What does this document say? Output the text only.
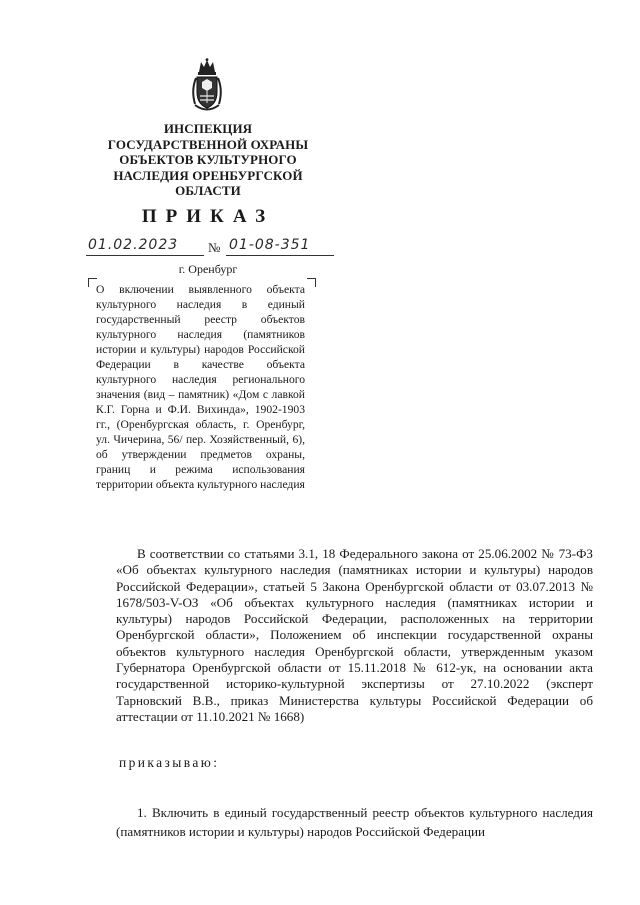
ИНСПЕКЦИЯ
ГОСУДАРСТВЕННОЙ ОХРАНЫ
ОБЪЕКТОВ КУЛЬТУРНОГО
НАСЛЕДИЯ ОРЕНБУРГСКОЙ
ОБЛАСТИ
ПРИКАЗ
01.02.2023 № 01-08-351
г. Оренбург
О включении выявленного объекта культурного наследия в единый государственный реестр объектов культурного наследия (памятников истории и культуры) народов Российской Федерации в качестве объекта культурного наследия регионального значения (вид – памятник) «Дом с лавкой К.Г. Горна и Ф.И. Вихинда», 1902-1903 гг., (Оренбургская область, г. Оренбург, ул. Чичерина, 56/ пер. Хозяйственный, 6), об утверждении предметов охраны, границ и режима использования территории объекта культурного наследия
В соответствии со статьями 3.1, 18 Федерального закона от 25.06.2002 № 73-ФЗ «Об объектах культурного наследия (памятниках истории и культуры) народов Российской Федерации», статьей 5 Закона Оренбургской области от 03.07.2013 № 1678/503-V-ОЗ «Об объектах культурного наследия (памятниках истории и культуры) народов Российской Федерации, расположенных на территории Оренбургской области», Положением об инспекции государственной охраны объектов культурного наследия Оренбургской области, утвержденным указом Губернатора Оренбургской области от 15.11.2018 № 612-ук, на основании акта государственной историко-культурной экспертизы от 27.10.2022 (эксперт Тарновский В.В., приказ Министерства культуры Российской Федерации об аттестации от 11.10.2021 № 1668)
приказываю:
1. Включить в единый государственный реестр объектов культурного наследия (памятников истории и культуры) народов Российской Федерации
